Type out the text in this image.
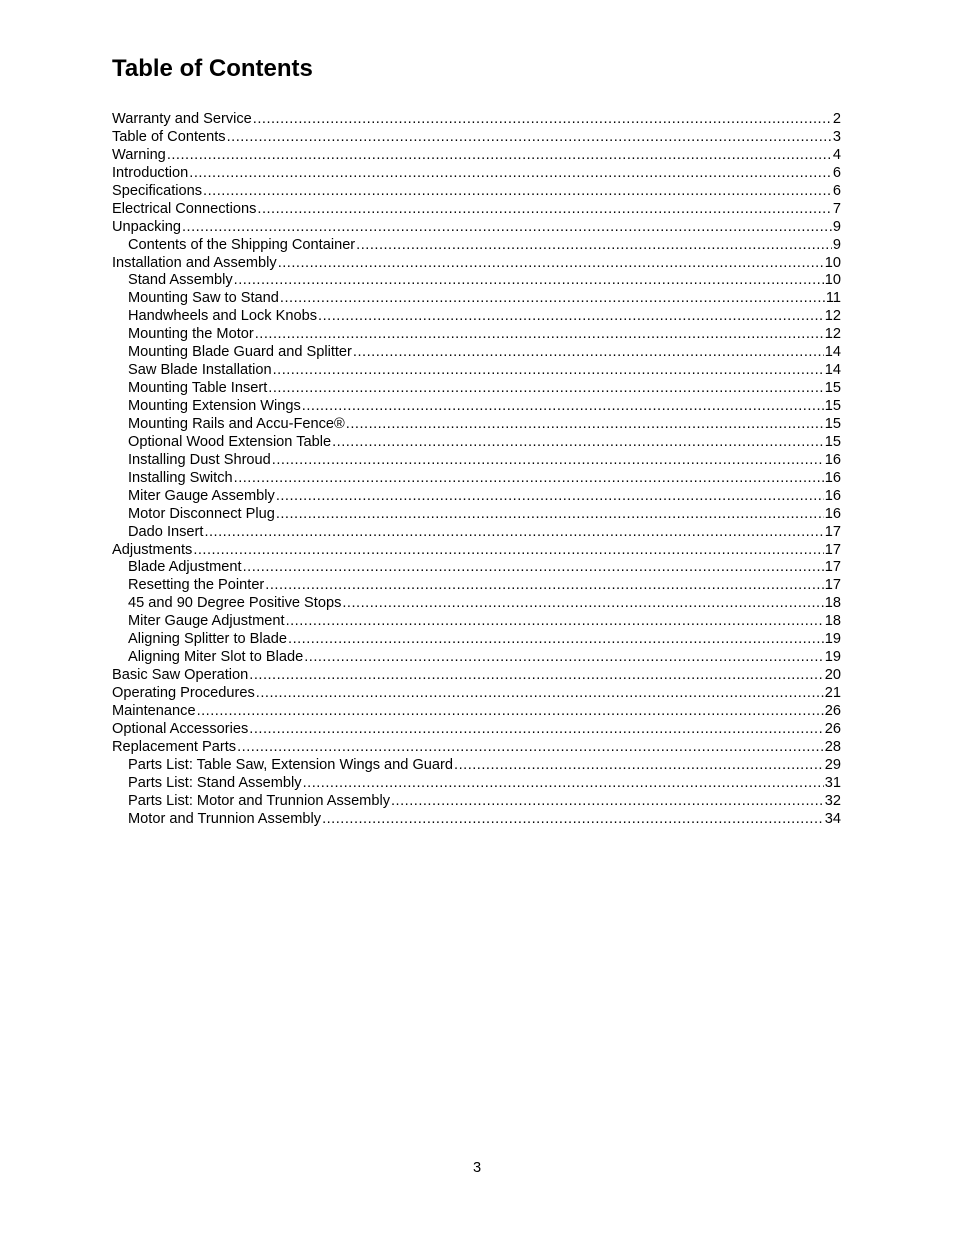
Table of Contents
Warranty and Service .....	2
Table of Contents .....	3
Warning .....	4
Introduction .....	6
Specifications .....	6
Electrical Connections .....	7
Unpacking .....	9
Contents of the Shipping Container .....	9
Installation and Assembly .....	10
Stand Assembly .....	10
Mounting Saw to Stand .....	11
Handwheels and Lock Knobs .....	12
Mounting the Motor .....	12
Mounting Blade Guard and Splitter .....	14
Saw Blade Installation .....	14
Mounting Table Insert .....	15
Mounting Extension Wings .....	15
Mounting Rails and Accu-Fence® .....	15
Optional Wood Extension Table .....	15
Installing Dust Shroud .....	16
Installing Switch .....	16
Miter Gauge Assembly .....	16
Motor Disconnect Plug .....	16
Dado Insert .....	17
Adjustments .....	17
Blade Adjustment .....	17
Resetting the Pointer .....	17
45 and 90 Degree Positive Stops .....	18
Miter Gauge Adjustment .....	18
Aligning Splitter to Blade .....	19
Aligning Miter Slot to Blade .....	19
Basic Saw Operation .....	20
Operating Procedures .....	21
Maintenance .....	26
Optional Accessories .....	26
Replacement Parts .....	28
Parts List: Table Saw, Extension Wings and Guard .....	29
Parts List: Stand Assembly .....	31
Parts List: Motor and Trunnion Assembly .....	32
Motor and Trunnion Assembly .....	34
3
